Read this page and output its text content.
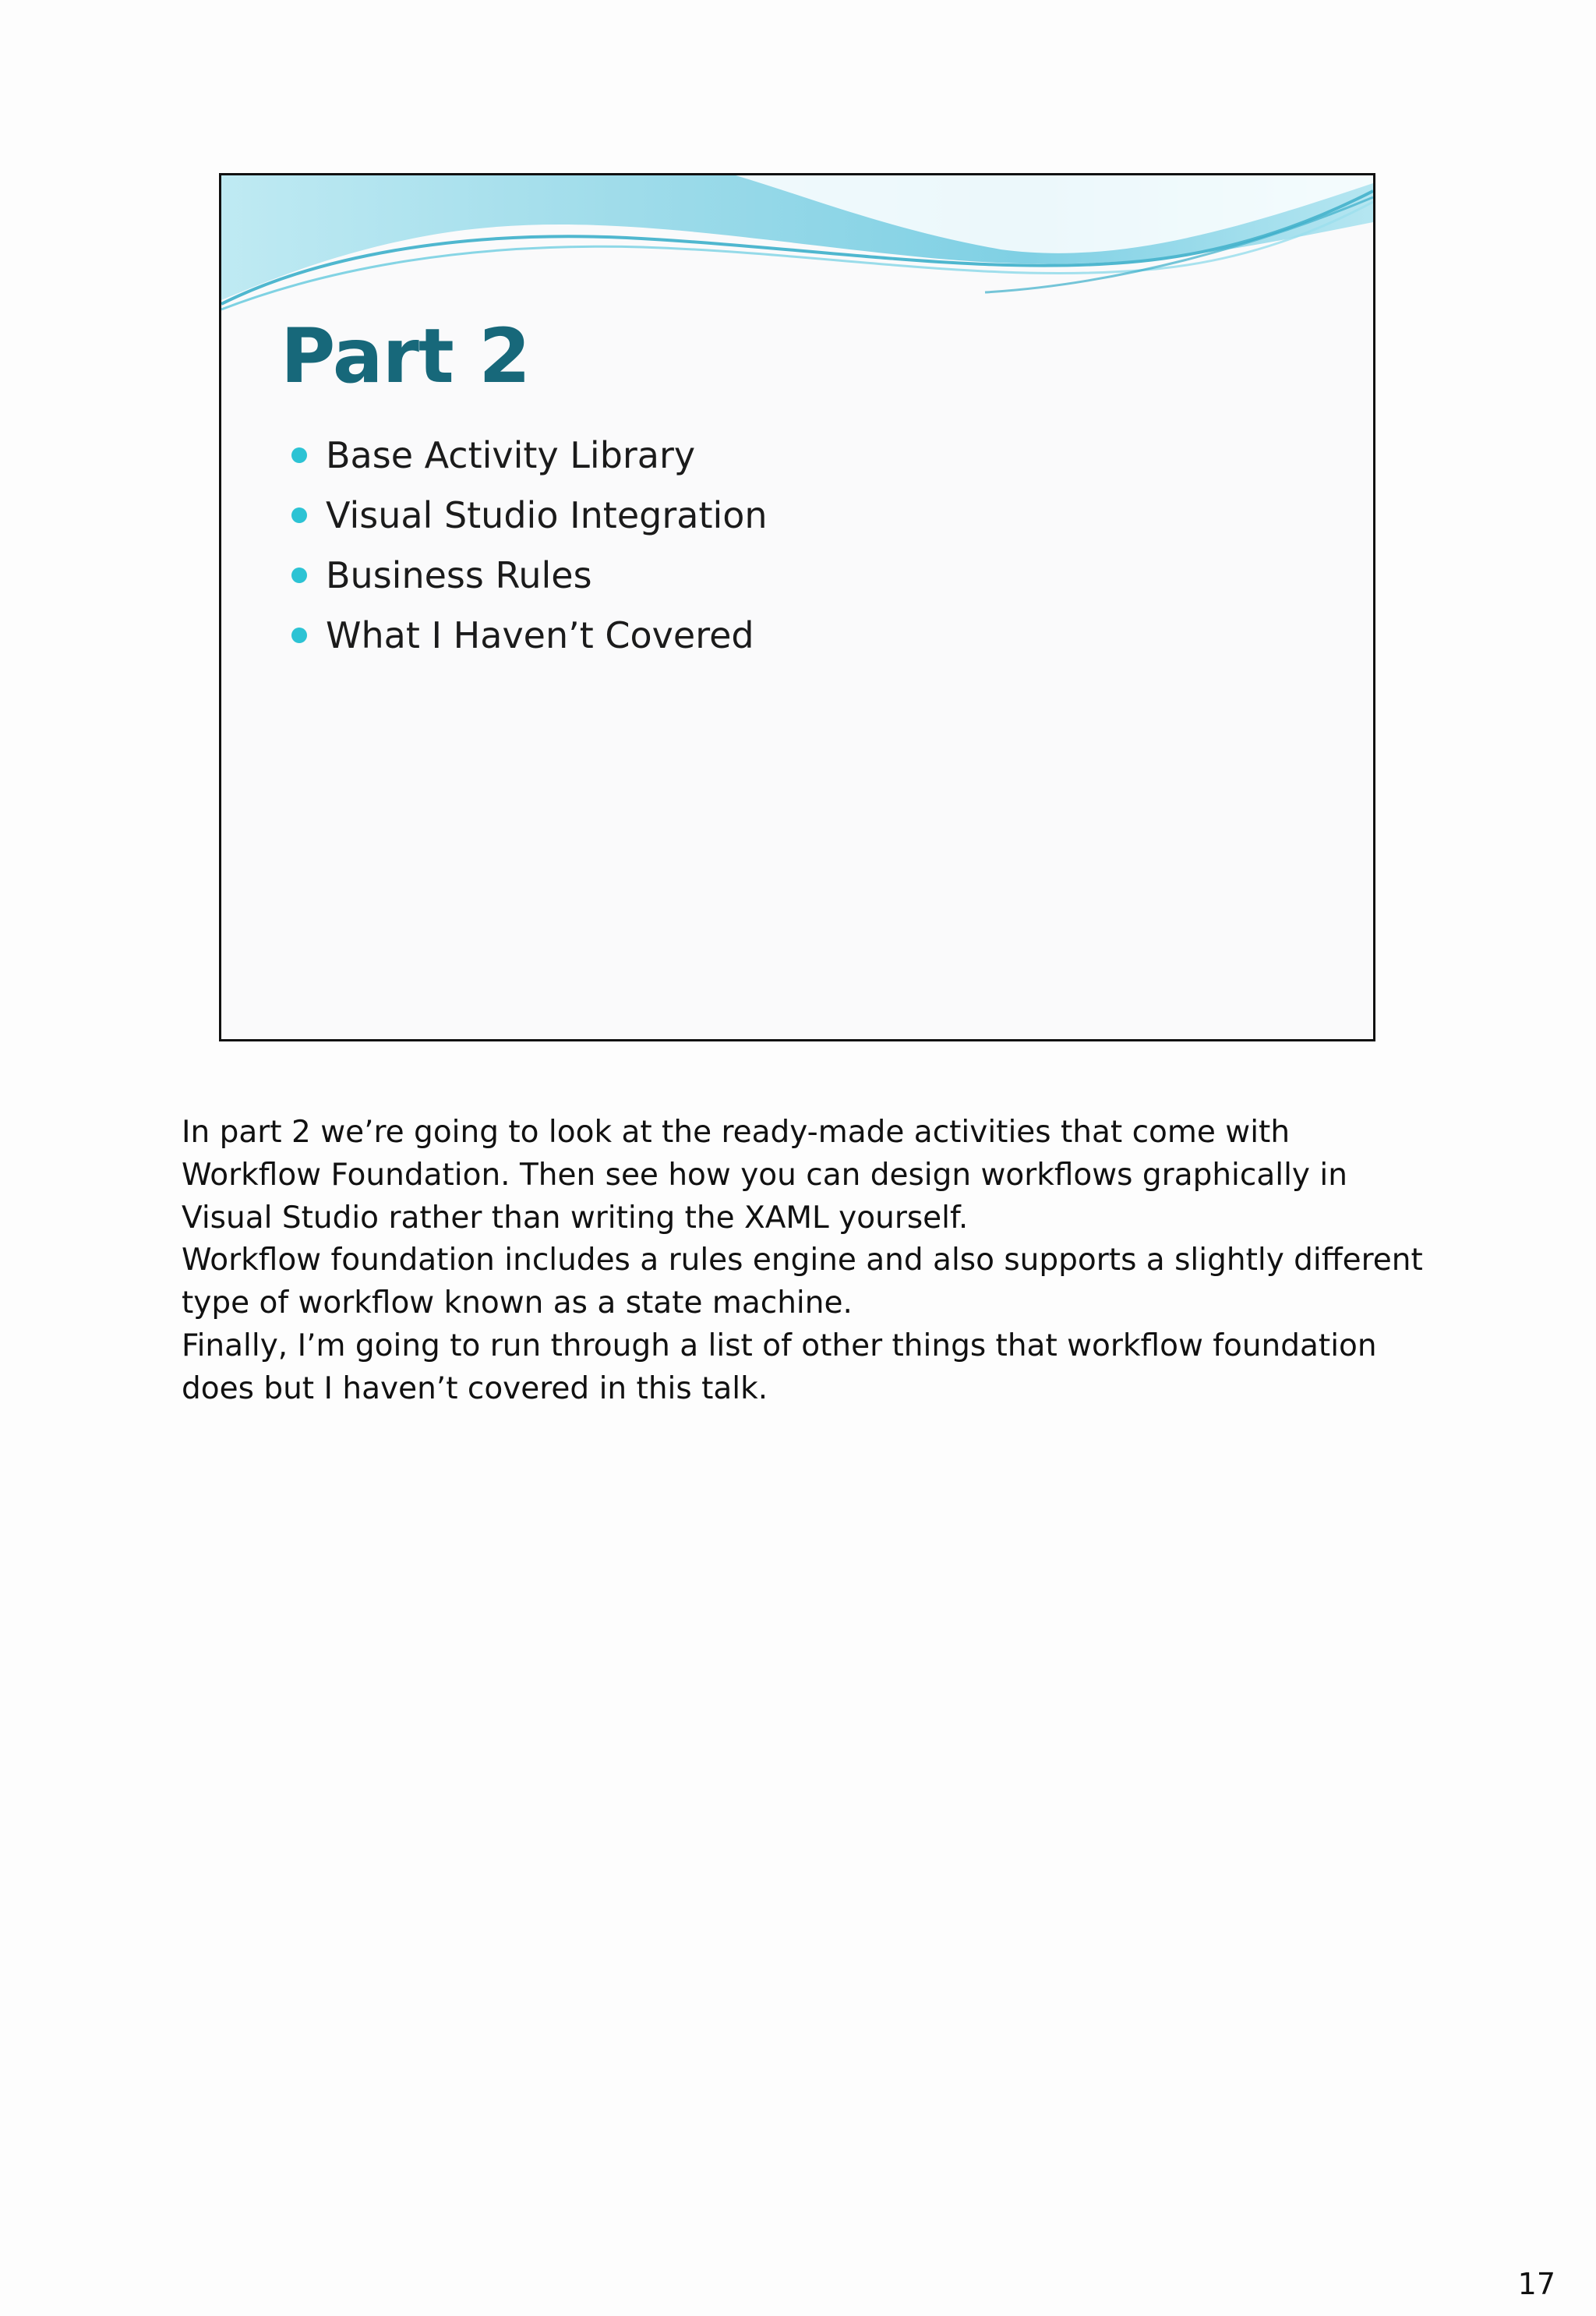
Part 2
Base Activity Library
Visual Studio Integration
Business Rules
What I Haven’t Covered

In part 2 we’re going to look at the ready-made activities that come with Workflow Foundation. Then see how you can design workflows graphically in Visual Studio rather than writing the XAML yourself.

Workflow foundation includes a rules engine and also supports a slightly different type of workflow known as a state machine.

Finally, I’m going to run through a list of other things that workflow foundation does but I haven’t covered in this talk.

17
